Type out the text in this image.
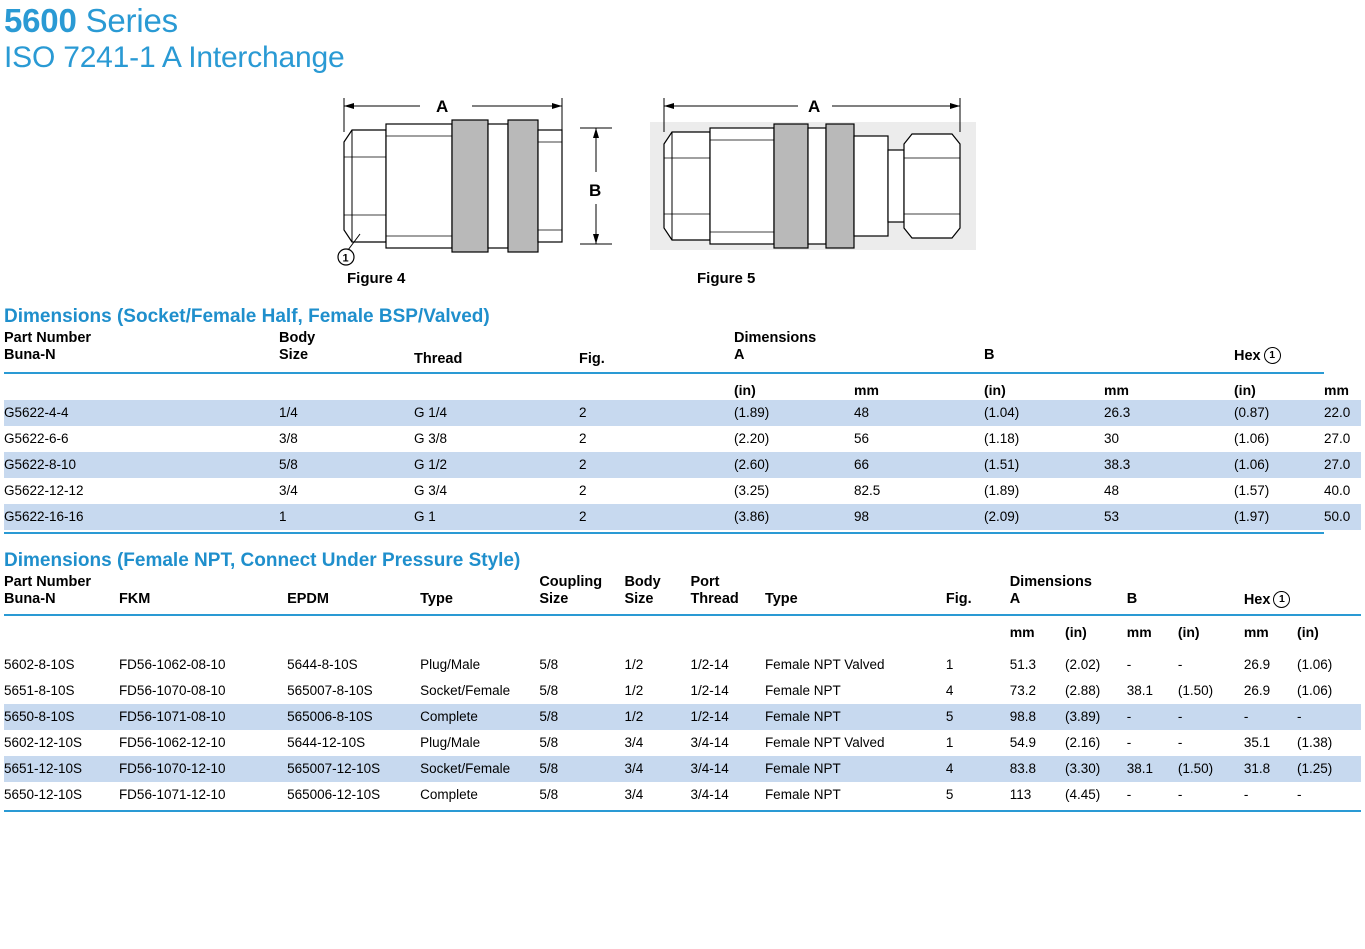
5600 Series
ISO 7241-1 A Interchange
A
B
1
Figure 4
A
Figure 5
Dimensions (Socket/Female Half, Female BSP/Valved)
Part Number
Buna-N	Body
Size	Thread	Fig.	Dimensions
A		B		Hex 1	

				(in)	mm	(in)	mm	(in)	mm
G5622-4-4	1/4	G 1/4	2	(1.89)	48	(1.04)	26.3	(0.87)	22.0
G5622-6-6	3/8	G 3/8	2	(2.20)	56	(1.18)	30	(1.06)	27.0
G5622-8-10	5/8	G 1/2	2	(2.60)	66	(1.51)	38.3	(1.06)	27.0
G5622-12-12	3/4	G 3/4	2	(3.25)	82.5	(1.89)	48	(1.57)	40.0
G5622-16-16	1	G 1	2	(3.86)	98	(2.09)	53	(1.97)	50.0

Dimensions (Female NPT, Connect Under Pressure Style)
Part Number
Buna-N	FKM	EPDM	Type	Coupling
Size	Body
Size	Port
Thread	Type	Fig.	Dimensions
A		B		Hex 1	

									mm	(in)	mm	(in)	mm	(in)

5602-8-10S	FD56-1062-08-10	5644-8-10S	Plug/Male	5/8	1/2	1/2-14	Female NPT Valved	1	51.3	(2.02)	-	-	26.9	(1.06)
5651-8-10S	FD56-1070-08-10	565007-8-10S	Socket/Female	5/8	1/2	1/2-14	Female NPT	4	73.2	(2.88)	38.1	(1.50)	26.9	(1.06)
5650-8-10S	FD56-1071-08-10	565006-8-10S	Complete	5/8	1/2	1/2-14	Female NPT	5	98.8	(3.89)	-	-	-	-
5602-12-10S	FD56-1062-12-10	5644-12-10S	Plug/Male	5/8	3/4	3/4-14	Female NPT Valved	1	54.9	(2.16)	-	-	35.1	(1.38)
5651-12-10S	FD56-1070-12-10	565007-12-10S	Socket/Female	5/8	3/4	3/4-14	Female NPT	4	83.8	(3.30)	38.1	(1.50)	31.8	(1.25)
5650-12-10S	FD56-1071-12-10	565006-12-10S	Complete	5/8	3/4	3/4-14	Female NPT	5	113	(4.45)	-	-	-	-
